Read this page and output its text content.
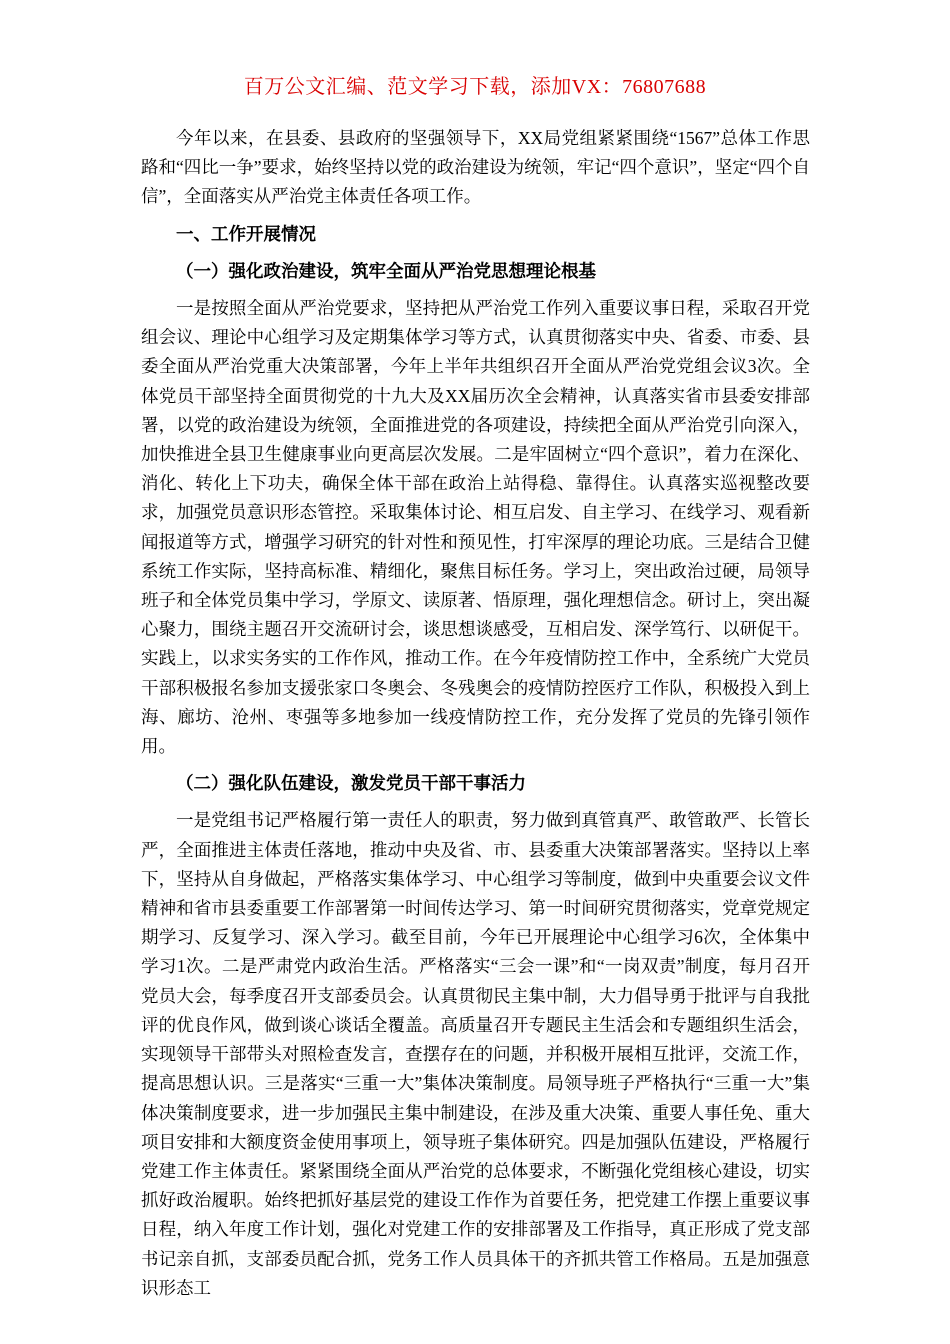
百万公文汇编、范文学习下载，添加VX：76807688

今年以来，在县委、县政府的坚强领导下，XX局党组紧紧围绕“1567”总体工作思路和“四比一争”要求，始终坚持以党的政治建设为统领，牢记“四个意识”，坚定“四个自信”，全面落实从严治党主体责任各项工作。

一、工作开展情况

（一）强化政治建设，筑牢全面从严治党思想理论根基

一是按照全面从严治党要求，坚持把从严治党工作列入重要议事日程，采取召开党组会议、理论中心组学习及定期集体学习等方式，认真贯彻落实中央、省委、市委、县委全面从严治党重大决策部署，今年上半年共组织召开全面从严治党党组会议3次。全体党员干部坚持全面贯彻党的十九大及XX届历次全会精神，认真落实省市县委安排部署，以党的政治建设为统领，全面推进党的各项建设，持续把全面从严治党引向深入，加快推进全县卫生健康事业向更高层次发展。二是牢固树立“四个意识”，着力在深化、消化、转化上下功夫，确保全体干部在政治上站得稳、靠得住。认真落实巡视整改要求，加强党员意识形态管控。采取集体讨论、相互启发、自主学习、在线学习、观看新闻报道等方式，增强学习研究的针对性和预见性，打牢深厚的理论功底。三是结合卫健系统工作实际，坚持高标准、精细化，聚焦目标任务。学习上，突出政治过硬，局领导班子和全体党员集中学习，学原文、读原著、悟原理，强化理想信念。研讨上，突出凝心聚力，围绕主题召开交流研讨会，谈思想谈感受，互相启发、深学笃行、以研促干。实践上，以求实务实的工作作风，推动工作。在今年疫情防控工作中，全系统广大党员干部积极报名参加支援张家口冬奥会、冬残奥会的疫情防控医疗工作队，积极投入到上海、廊坊、沧州、枣强等多地参加一线疫情防控工作，充分发挥了党员的先锋引领作用。

（二）强化队伍建设，激发党员干部干事活力

一是党组书记严格履行第一责任人的职责，努力做到真管真严、敢管敢严、长管长严，全面推进主体责任落地，推动中央及省、市、县委重大决策部署落实。坚持以上率下，坚持从自身做起，严格落实集体学习、中心组学习等制度，做到中央重要会议文件精神和省市县委重要工作部署第一时间传达学习、第一时间研究贯彻落实，党章党规定期学习、反复学习、深入学习。截至目前，今年已开展理论中心组学习6次，全体集中学习1次。二是严肃党内政治生活。严格落实“三会一课”和“一岗双责”制度，每月召开党员大会，每季度召开支部委员会。认真贯彻民主集中制，大力倡导勇于批评与自我批评的优良作风，做到谈心谈话全覆盖。高质量召开专题民主生活会和专题组织生活会，实现领导干部带头对照检查发言，查摆存在的问题，并积极开展相互批评，交流工作，提高思想认识。三是落实“三重一大”集体决策制度。局领导班子严格执行“三重一大”集体决策制度要求，进一步加强民主集中制建设，在涉及重大决策、重要人事任免、重大项目安排和大额度资金使用事项上，领导班子集体研究。四是加强队伍建设，严格履行党建工作主体责任。紧紧围绕全面从严治党的总体要求，不断强化党组核心建设，切实抓好政治履职。始终把抓好基层党的建设工作作为首要任务，把党建工作摆上重要议事日程，纳入年度工作计划，强化对党建工作的安排部署及工作指导，真正形成了党支部书记亲自抓，支部委员配合抓，党务工作人员具体干的齐抓共管工作格局。五是加强意识形态工
